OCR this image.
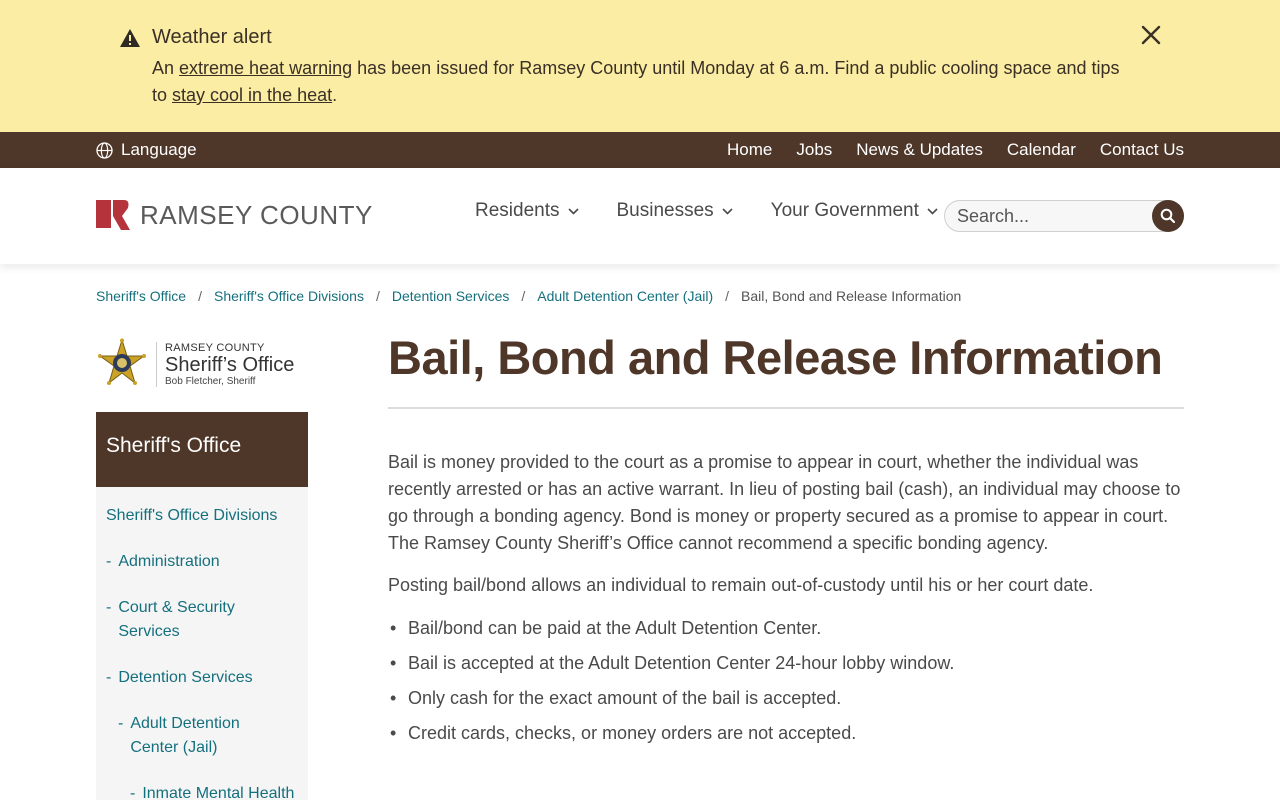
Weather alert
An extreme heat warning has been issued for Ramsey County until Monday at 6 a.m. Find a public cooling space and tips to stay cool in the heat.
Language	Home Jobs News & Updates Calendar Contact Us
RAMSEY COUNTY	Residents	Businesses	Your Government
Search...
Sheriff's Office / Sheriff's Office Divisions / Detention Services / Adult Detention Center (Jail) / Bail, Bond and Release Information
RAMSEY COUNTY
Sheriff’s Office
Bob Fletcher, Sheriff
Sheriff's Office
Sheriff's Office Divisions
- Administration
- Court & Security Services
- Detention Services
- Adult Detention Center (Jail)
- Inmate Mental Health
Bail, Bond and Release Information

Bail is money provided to the court as a promise to appear in court, whether the individual was recently arrested or has an active warrant. In lieu of posting bail (cash), an individual may choose to go through a bonding agency. Bond is money or property secured as a promise to appear in court. The Ramsey County Sheriff’s Office cannot recommend a specific bonding agency.

Posting bail/bond allows an individual to remain out-of-custody until his or her court date.

• Bail/bond can be paid at the Adult Detention Center.
• Bail is accepted at the Adult Detention Center 24-hour lobby window.
• Only cash for the exact amount of the bail is accepted.
• Credit cards, checks, or money orders are not accepted.
